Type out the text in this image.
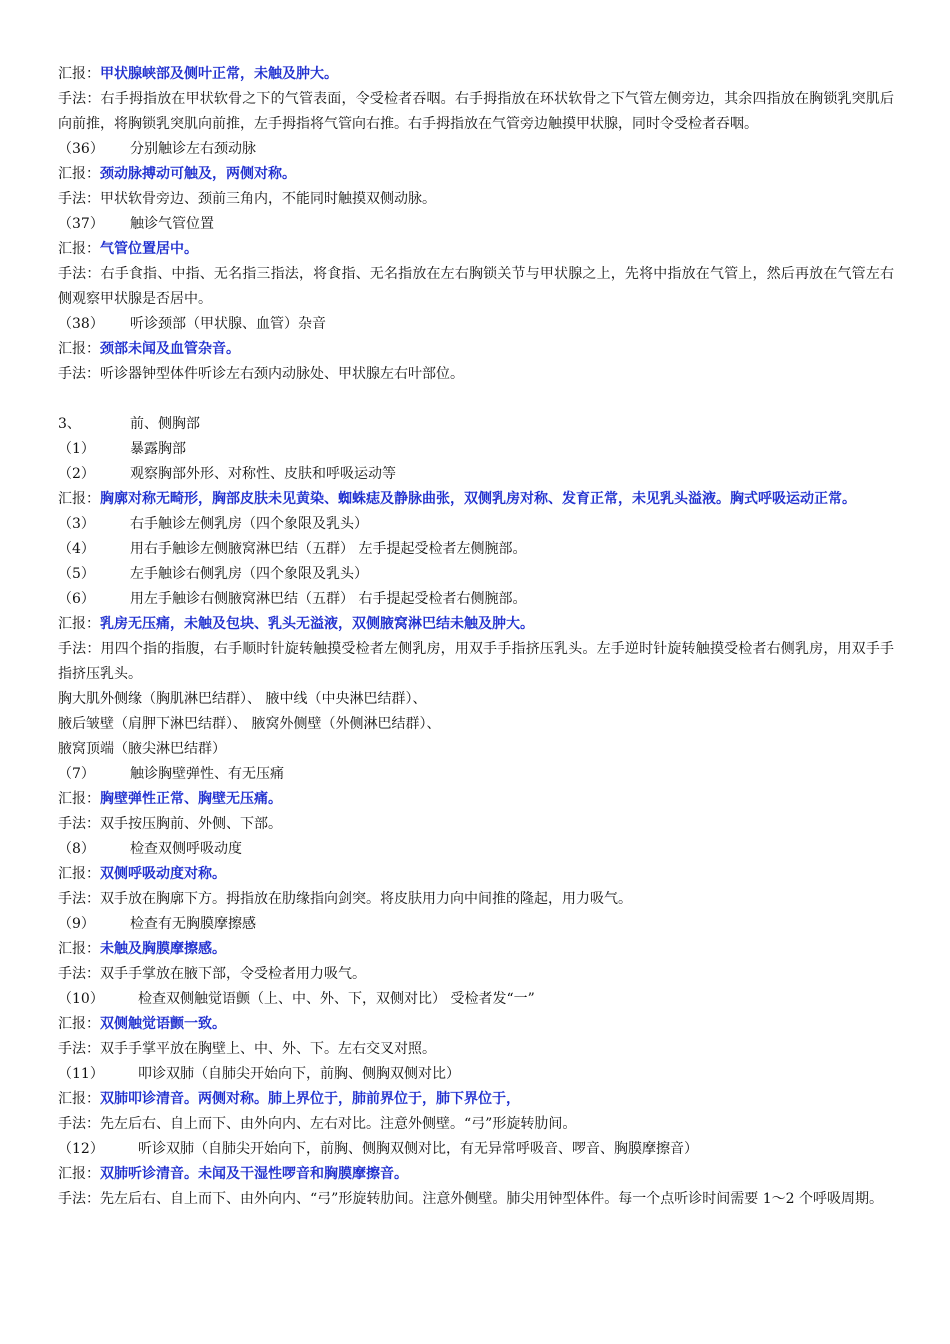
汇报：甲状腺峡部及侧叶正常，未触及肿大。
手法：右手拇指放在甲状软骨之下的气管表面，令受检者吞咽。右手拇指放在环状软骨之下气管左侧旁边，其余四指放在胸锁乳突肌后向前推，将胸锁乳突肌向前推，左手拇指将气管向右推。右手拇指放在气管旁边触摸甲状腺，同时令受检者吞咽。
（36） 分别触诊左右颈动脉
汇报：颈动脉搏动可触及，两侧对称。
手法：甲状软骨旁边、颈前三角内，不能同时触摸双侧动脉。
（37） 触诊气管位置
汇报：气管位置居中。
手法：右手食指、中指、无名指三指法，将食指、无名指放在左右胸锁关节与甲状腺之上，先将中指放在气管上，然后再放在气管左右侧观察甲状腺是否居中。
（38） 听诊颈部（甲状腺、血管）杂音
汇报：颈部未闻及血管杂音。
手法：听诊器钟型体件听诊左右颈内动脉处、甲状腺左右叶部位。
3、	前、侧胸部
（1）	暴露胸部
（2）	观察胸部外形、对称性、皮肤和呼吸运动等
汇报：胸廓对称无畸形，胸部皮肤未见黄染、蜘蛛痣及静脉曲张，双侧乳房对称、发育正常，未见乳头溢液。胸式呼吸运动正常。
（3）	右手触诊左侧乳房（四个象限及乳头）
（4）	用右手触诊左侧腋窝淋巴结（五群） 左手提起受检者左侧腕部。
（5）	左手触诊右侧乳房（四个象限及乳头）
（6）	用左手触诊右侧腋窝淋巴结（五群） 右手提起受检者右侧腕部。
汇报：乳房无压痛，未触及包块、乳头无溢液，双侧腋窝淋巴结未触及肿大。
手法：用四个指的指腹，右手顺时针旋转触摸受检者左侧乳房，用双手手指挤压乳头。左手逆时针旋转触摸受检者右侧乳房，用双手手指挤压乳头。
胸大肌外侧缘（胸肌淋巴结群）、 腋中线（中央淋巴结群）、
腋后皱壁（肩胛下淋巴结群）、 腋窝外侧壁（外侧淋巴结群）、
腋窝顶端（腋尖淋巴结群）
（7）	触诊胸壁弹性、有无压痛
汇报：胸壁弹性正常、胸壁无压痛。
手法：双手按压胸前、外侧、下部。
（8）	检查双侧呼吸动度
汇报：双侧呼吸动度对称。
手法：双手放在胸廓下方。拇指放在肋缘指向剑突。将皮肤用力向中间推的隆起，用力吸气。
（9）	检查有无胸膜摩擦感
汇报：未触及胸膜摩擦感。
手法：双手手掌放在腋下部，令受检者用力吸气。
（10） 检查双侧触觉语颤（上、中、外、下，双侧对比） 受检者发“一”
汇报：双侧触觉语颤一致。
手法：双手手掌平放在胸壁上、中、外、下。左右交叉对照。
（11） 叩诊双肺（自肺尖开始向下，前胸、侧胸双侧对比）
汇报：双肺叩诊清音。两侧对称。肺上界位于，肺前界位于，肺下界位于，
手法：先左后右、自上而下、由外向内、左右对比。注意外侧壁。“弓”形旋转肋间。
（12） 听诊双肺（自肺尖开始向下，前胸、侧胸双侧对比，有无异常呼吸音、啰音、胸膜摩擦音）
汇报：双肺听诊清音。未闻及干湿性啰音和胸膜摩擦音。
手法：先左后右、自上而下、由外向内、“弓”形旋转肋间。注意外侧壁。肺尖用钟型体件。每一个点听诊时间需要 1～2 个呼吸周期。
